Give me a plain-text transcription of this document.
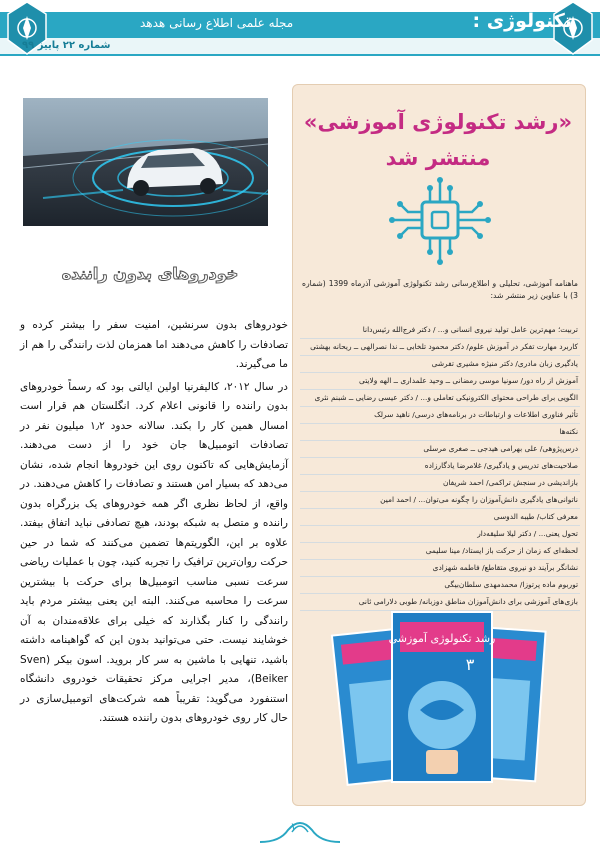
تکنولوژی :
مجله علمی اطلاع رسانی هدهد
شماره ۲۲ پاییز ۹۹
خودروهای بدون راننده

خودروهای بدون سرنشین، امنیت سفر را بیشتر کرده و تصادفات را کاهش می‌دهند اما همزمان لذت رانندگی را هم از ما می‌گیرند.

در سال ۲۰۱۲، کالیفرنیا اولین ایالتی بود که رسماً خودروهای بدون راننده را قانونی اعلام کرد. انگلستان هم قرار است امسال همین کار را بکند. سالانه حدود ۱٫۲ میلیون نفر در تصادفات اتومبیل‌ها جان خود را از دست می‌دهند. آزمایش‌هایی که تاکنون روی این خودروها انجام شده، نشان می‌دهد که بسیار امن هستند و تصادفات را کاهش می‌دهند. در واقع، از لحاظ نظری اگر همه خودروهای یک بزرگراه بدون راننده و متصل به شبکه بودند، هیچ تصادفی نباید اتفاق بیفتد. علاوه بر این، الگوریتم‌ها تضمین می‌کنند که شما در حین حرکت روان‌ترین ترافیک را تجربه کنید، چون با عملیات ریاضی سرعت نسبی مناسب اتومبیل‌ها برای حرکت با بیشترین سرعت را محاسبه می‌کنند. البته این یعنی بیشتر مردم باید رانندگی را کنار بگذارند که خیلی برای علاقه‌مندان به آن خوشایند نیست. حتی می‌توانید بدون این که گواهینامه داشته باشید، تنهایی با ماشین به سر کار بروید. اسون بیکر (Sven Beiker)، مدیر اجرایی مرکز تحقیقات خودروی دانشگاه استنفورد می‌گوید: تقریباً همه شرکت‌های اتومبیل‌سازی در حال کار روی خودروهای بدون راننده هستند.

«رشد تکنولوژی آموزشی»
منتشر شد
ماهنامه آموزشی، تحلیلی و اطلاع‌رسانی رشد تکنولوژی آموزشی آذرماه 1399 (شماره 3) با عناوین زیر منتشر شد:
تربیت؛ مهم‌ترین عامل تولید نیروی انسانی و... / دکتر فرج‌الله رئیس‌دانا
کاربرد مهارت تفکر در آموزش علوم/ دکتر محمود تلخابی ــ ندا نصرالهی ــ ریحانه بهشتی
یادگیری زبان مادری/ دکتر منیژه مشیری تفرشی
آموزش از راه دور/ سونیا موسی رمضانی ــ وحید علمداری ــ الهه ولایتی
الگویی برای طراحی محتوای الکترونیکی تعاملی و... / دکتر عیسی رضایی ــ شبنم نثری
تأثیر فناوری اطلاعات و ارتباطات در برنامه‌های درسی/ ناهید سرلک
نکته‌ها
درس‌پژوهی/ علی بهرامی هیدجی ــ صغری مرسلی
صلاحیت‌های تدریس و یادگیری/ غلامرضا یادگارزاده
بازاندیشی در سنجش تراکمی/ احمد شریفان
ناتوانی‌های یادگیری دانش‌آموزان را چگونه می‌توان... / احمد امین
معرفی کتاب/ طیبه الدوسی
تحول یعنی... / دکتر لیلا سلیقه‌دار
لحظه‌ای که زمان از حرکت باز ایستاد/ مینا سلیمی
نشانگر برآیند دو نیروی متقاطع/ فاطمه شهزادی
توربوم ماده پرتوزا/ محمدمهدی سلطان‌بیگی
بازی‌های آموزشی برای دانش‌آموزان مناطق دوزبانه/ طوبی دلارامی ثانی
رشد تکنولوژی آموزشی
۳
۱
